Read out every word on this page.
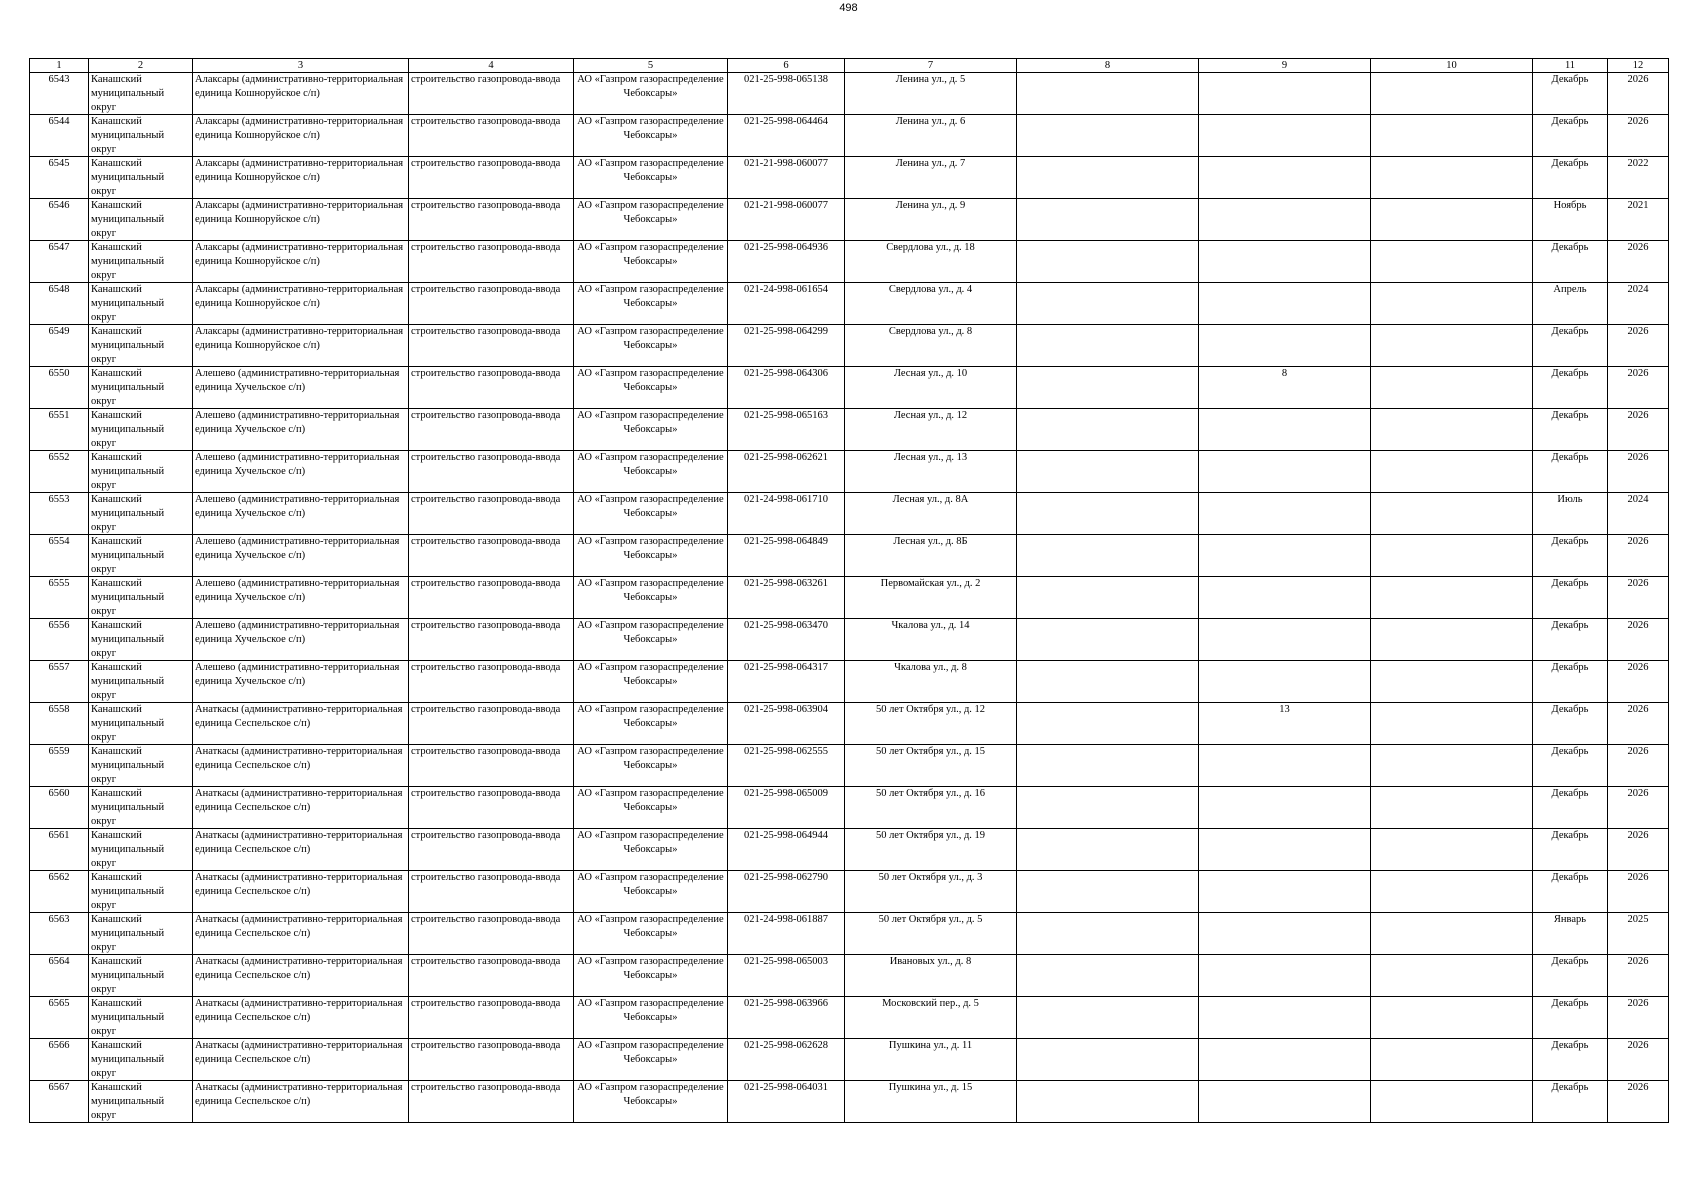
498
1	2	3	4	5	6	7	8	9	10	11	12

6543	Канашский муниципальный округ	Алаксары (административно-территориальная единица Кошноруйское с/п)	строительство газопровода-ввода	АО «Газпром газораспределение Чебоксары»	021-25-998-065138	Ленина ул., д. 5				Декабрь	2026

6544	Канашский муниципальный округ	Алаксары (административно-территориальная единица Кошноруйское с/п)	строительство газопровода-ввода	АО «Газпром газораспределение Чебоксары»	021-25-998-064464	Ленина ул., д. 6				Декабрь	2026

6545	Канашский муниципальный округ	Алаксары (административно-территориальная единица Кошноруйское с/п)	строительство газопровода-ввода	АО «Газпром газораспределение Чебоксары»	021-21-998-060077	Ленина ул., д. 7				Декабрь	2022

6546	Канашский муниципальный округ	Алаксары (административно-территориальная единица Кошноруйское с/п)	строительство газопровода-ввода	АО «Газпром газораспределение Чебоксары»	021-21-998-060077	Ленина ул., д. 9				Ноябрь	2021

6547	Канашский муниципальный округ	Алаксары (административно-территориальная единица Кошноруйское с/п)	строительство газопровода-ввода	АО «Газпром газораспределение Чебоксары»	021-25-998-064936	Свердлова ул., д. 18				Декабрь	2026

6548	Канашский муниципальный округ	Алаксары (административно-территориальная единица Кошноруйское с/п)	строительство газопровода-ввода	АО «Газпром газораспределение Чебоксары»	021-24-998-061654	Свердлова ул., д. 4				Апрель	2024

6549	Канашский муниципальный округ	Алаксары (административно-территориальная единица Кошноруйское с/п)	строительство газопровода-ввода	АО «Газпром газораспределение Чебоксары»	021-25-998-064299	Свердлова ул., д. 8				Декабрь	2026

6550	Канашский муниципальный округ	Алешево (административно-территориальная единица Хучельское с/п)	строительство газопровода-ввода	АО «Газпром газораспределение Чебоксары»	021-25-998-064306	Лесная ул., д. 10		8		Декабрь	2026

6551	Канашский муниципальный округ	Алешево (административно-территориальная единица Хучельское с/п)	строительство газопровода-ввода	АО «Газпром газораспределение Чебоксары»	021-25-998-065163	Лесная ул., д. 12				Декабрь	2026

6552	Канашский муниципальный округ	Алешево (административно-территориальная единица Хучельское с/п)	строительство газопровода-ввода	АО «Газпром газораспределение Чебоксары»	021-25-998-062621	Лесная ул., д. 13				Декабрь	2026

6553	Канашский муниципальный округ	Алешево (административно-территориальная единица Хучельское с/п)	строительство газопровода-ввода	АО «Газпром газораспределение Чебоксары»	021-24-998-061710	Лесная ул., д. 8А				Июль	2024

6554	Канашский муниципальный округ	Алешево (административно-территориальная единица Хучельское с/п)	строительство газопровода-ввода	АО «Газпром газораспределение Чебоксары»	021-25-998-064849	Лесная ул., д. 8Б				Декабрь	2026

6555	Канашский муниципальный округ	Алешево (административно-территориальная единица Хучельское с/п)	строительство газопровода-ввода	АО «Газпром газораспределение Чебоксары»	021-25-998-063261	Первомайская ул., д. 2				Декабрь	2026

6556	Канашский муниципальный округ	Алешево (административно-территориальная единица Хучельское с/п)	строительство газопровода-ввода	АО «Газпром газораспределение Чебоксары»	021-25-998-063470	Чкалова ул., д. 14				Декабрь	2026

6557	Канашский муниципальный округ	Алешево (административно-территориальная единица Хучельское с/п)	строительство газопровода-ввода	АО «Газпром газораспределение Чебоксары»	021-25-998-064317	Чкалова ул., д. 8				Декабрь	2026

6558	Канашский муниципальный округ	Анаткасы (административно-территориальная единица Сеспельское с/п)	строительство газопровода-ввода	АО «Газпром газораспределение Чебоксары»	021-25-998-063904	50 лет Октября ул., д. 12		13		Декабрь	2026

6559	Канашский муниципальный округ	Анаткасы (административно-территориальная единица Сеспельское с/п)	строительство газопровода-ввода	АО «Газпром газораспределение Чебоксары»	021-25-998-062555	50 лет Октября ул., д. 15				Декабрь	2026

6560	Канашский муниципальный округ	Анаткасы (административно-территориальная единица Сеспельское с/п)	строительство газопровода-ввода	АО «Газпром газораспределение Чебоксары»	021-25-998-065009	50 лет Октября ул., д. 16				Декабрь	2026

6561	Канашский муниципальный округ	Анаткасы (административно-территориальная единица Сеспельское с/п)	строительство газопровода-ввода	АО «Газпром газораспределение Чебоксары»	021-25-998-064944	50 лет Октября ул., д. 19				Декабрь	2026

6562	Канашский муниципальный округ	Анаткасы (административно-территориальная единица Сеспельское с/п)	строительство газопровода-ввода	АО «Газпром газораспределение Чебоксары»	021-25-998-062790	50 лет Октября ул., д. 3				Декабрь	2026

6563	Канашский муниципальный округ	Анаткасы (административно-территориальная единица Сеспельское с/п)	строительство газопровода-ввода	АО «Газпром газораспределение Чебоксары»	021-24-998-061887	50 лет Октября ул., д. 5				Январь	2025

6564	Канашский муниципальный округ	Анаткасы (административно-территориальная единица Сеспельское с/п)	строительство газопровода-ввода	АО «Газпром газораспределение Чебоксары»	021-25-998-065003	Ивановых ул., д. 8				Декабрь	2026

6565	Канашский муниципальный округ	Анаткасы (административно-территориальная единица Сеспельское с/п)	строительство газопровода-ввода	АО «Газпром газораспределение Чебоксары»	021-25-998-063966	Московский пер., д. 5				Декабрь	2026

6566	Канашский муниципальный округ	Анаткасы (административно-территориальная единица Сеспельское с/п)	строительство газопровода-ввода	АО «Газпром газораспределение Чебоксары»	021-25-998-062628	Пушкина ул., д. 11				Декабрь	2026

6567	Канашский муниципальный округ	Анаткасы (административно-территориальная единица Сеспельское с/п)	строительство газопровода-ввода	АО «Газпром газораспределение Чебоксары»	021-25-998-064031	Пушкина ул., д. 15				Декабрь	2026
